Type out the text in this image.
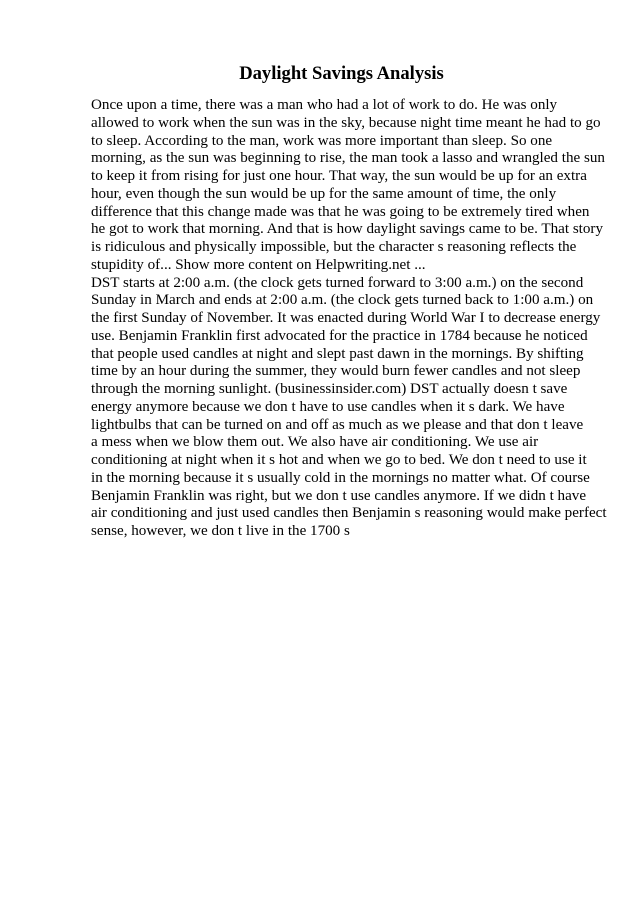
Daylight Savings Analysis
Once upon a time, there was a man who had a lot of work to do. He was only
allowed to work when the sun was in the sky, because night time meant he had to go
to sleep. According to the man, work was more important than sleep. So one
morning, as the sun was beginning to rise, the man took a lasso and wrangled the sun
to keep it from rising for just one hour. That way, the sun would be up for an extra
hour, even though the sun would be up for the same amount of time, the only
difference that this change made was that he was going to be extremely tired when
he got to work that morning. And that is how daylight savings came to be. That story
is ridiculous and physically impossible, but the character s reasoning reflects the
stupidity of... Show more content on Helpwriting.net ...
DST starts at 2:00 a.m. (the clock gets turned forward to 3:00 a.m.) on the second
Sunday in March and ends at 2:00 a.m. (the clock gets turned back to 1:00 a.m.) on
the first Sunday of November. It was enacted during World War I to decrease energy
use. Benjamin Franklin first advocated for the practice in 1784 because he noticed
that people used candles at night and slept past dawn in the mornings. By shifting
time by an hour during the summer, they would burn fewer candles and not sleep
through the morning sunlight. (businessinsider.com) DST actually doesn t save
energy anymore because we don t have to use candles when it s dark. We have
lightbulbs that can be turned on and off as much as we please and that don t leave
a mess when we blow them out. We also have air conditioning. We use air
conditioning at night when it s hot and when we go to bed. We don t need to use it
in the morning because it s usually cold in the mornings no matter what. Of course
Benjamin Franklin was right, but we don t use candles anymore. If we didn t have
air conditioning and just used candles then Benjamin s reasoning would make perfect
sense, however, we don t live in the 1700 s
